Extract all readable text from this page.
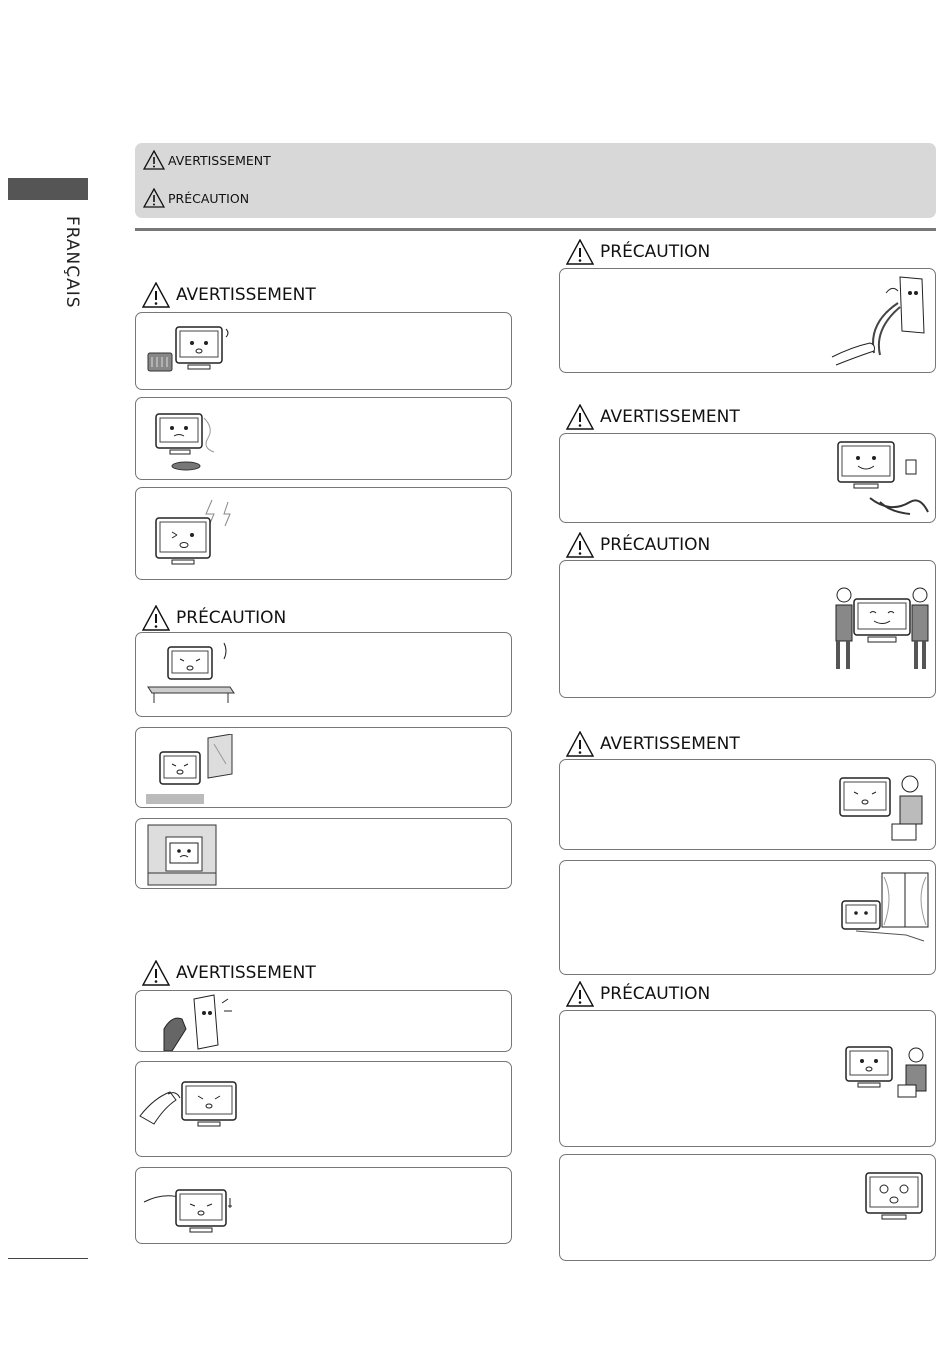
FRANÇAIS
AVERTISSEMENT
PRÉCAUTION
AVERTISSEMENT
PRÉCAUTION
AVERTISSEMENT
PRÉCAUTION
AVERTISSEMENT
PRÉCAUTION
AVERTISSEMENT
PRÉCAUTION
